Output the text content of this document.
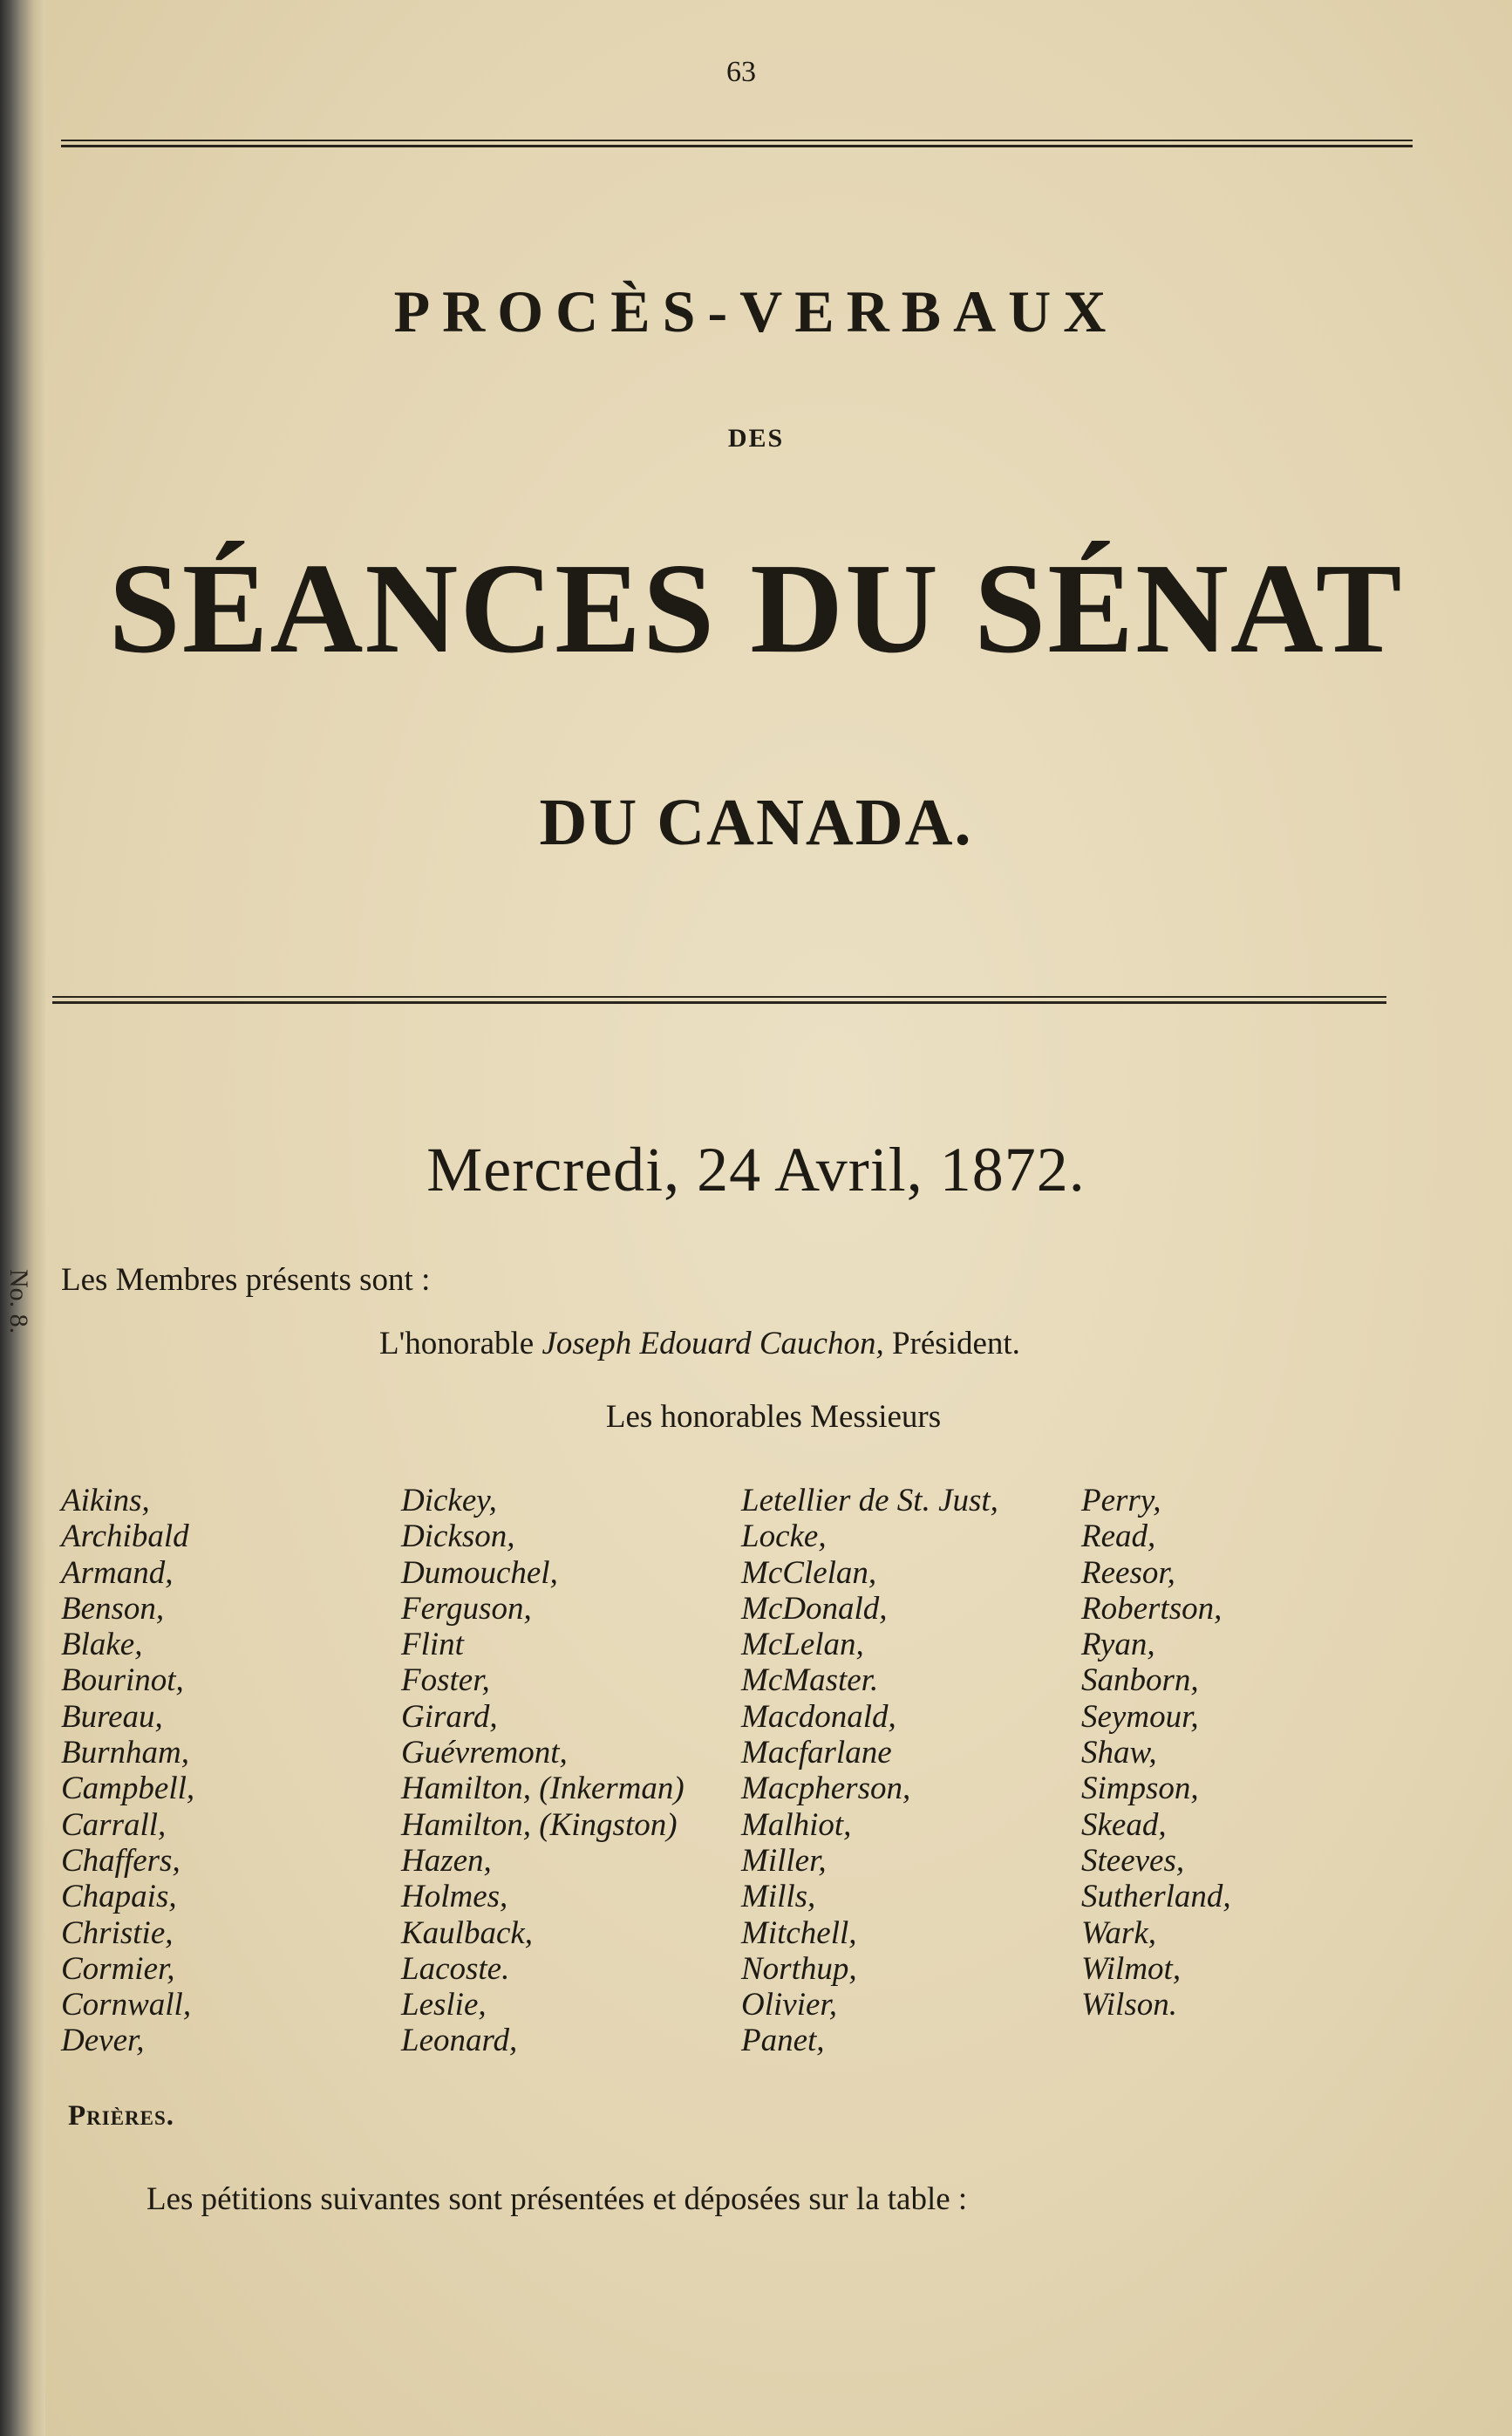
No. 8.
63
PROCÈS-VERBAUX
DES
SÉANCES DU SÉNAT
DU CANADA.
Mercredi, 24 Avril, 1872.
Les Membres présents sont :
L'honorable Joseph Edouard Cauchon, Président.
Les honorables Messieurs
Aikins,
Archibald
Armand,
Benson,
Blake,
Bourinot,
Bureau,
Burnham,
Campbell,
Carrall,
Chaffers,
Chapais,
Christie,
Cormier,
Cornwall,
Dever,
Dickey,
Dickson,
Dumouchel,
Ferguson,
Flint
Foster,
Girard,
Guévremont,
Hamilton, (Inkerman)
Hamilton, (Kingston)
Hazen,
Holmes,
Kaulback,
Lacoste.
Leslie,
Leonard,
Letellier de St. Just,
Locke,
McClelan,
McDonald,
McLelan,
McMaster.
Macdonald,
Macfarlane
Macpherson,
Malhiot,
Miller,
Mills,
Mitchell,
Northup,
Olivier,
Panet,
Perry,
Read,
Reesor,
Robertson,
Ryan,
Sanborn,
Seymour,
Shaw,
Simpson,
Skead,
Steeves,
Sutherland,
Wark,
Wilmot,
Wilson.
Prières.
Les pétitions suivantes sont présentées et déposées sur la table :
